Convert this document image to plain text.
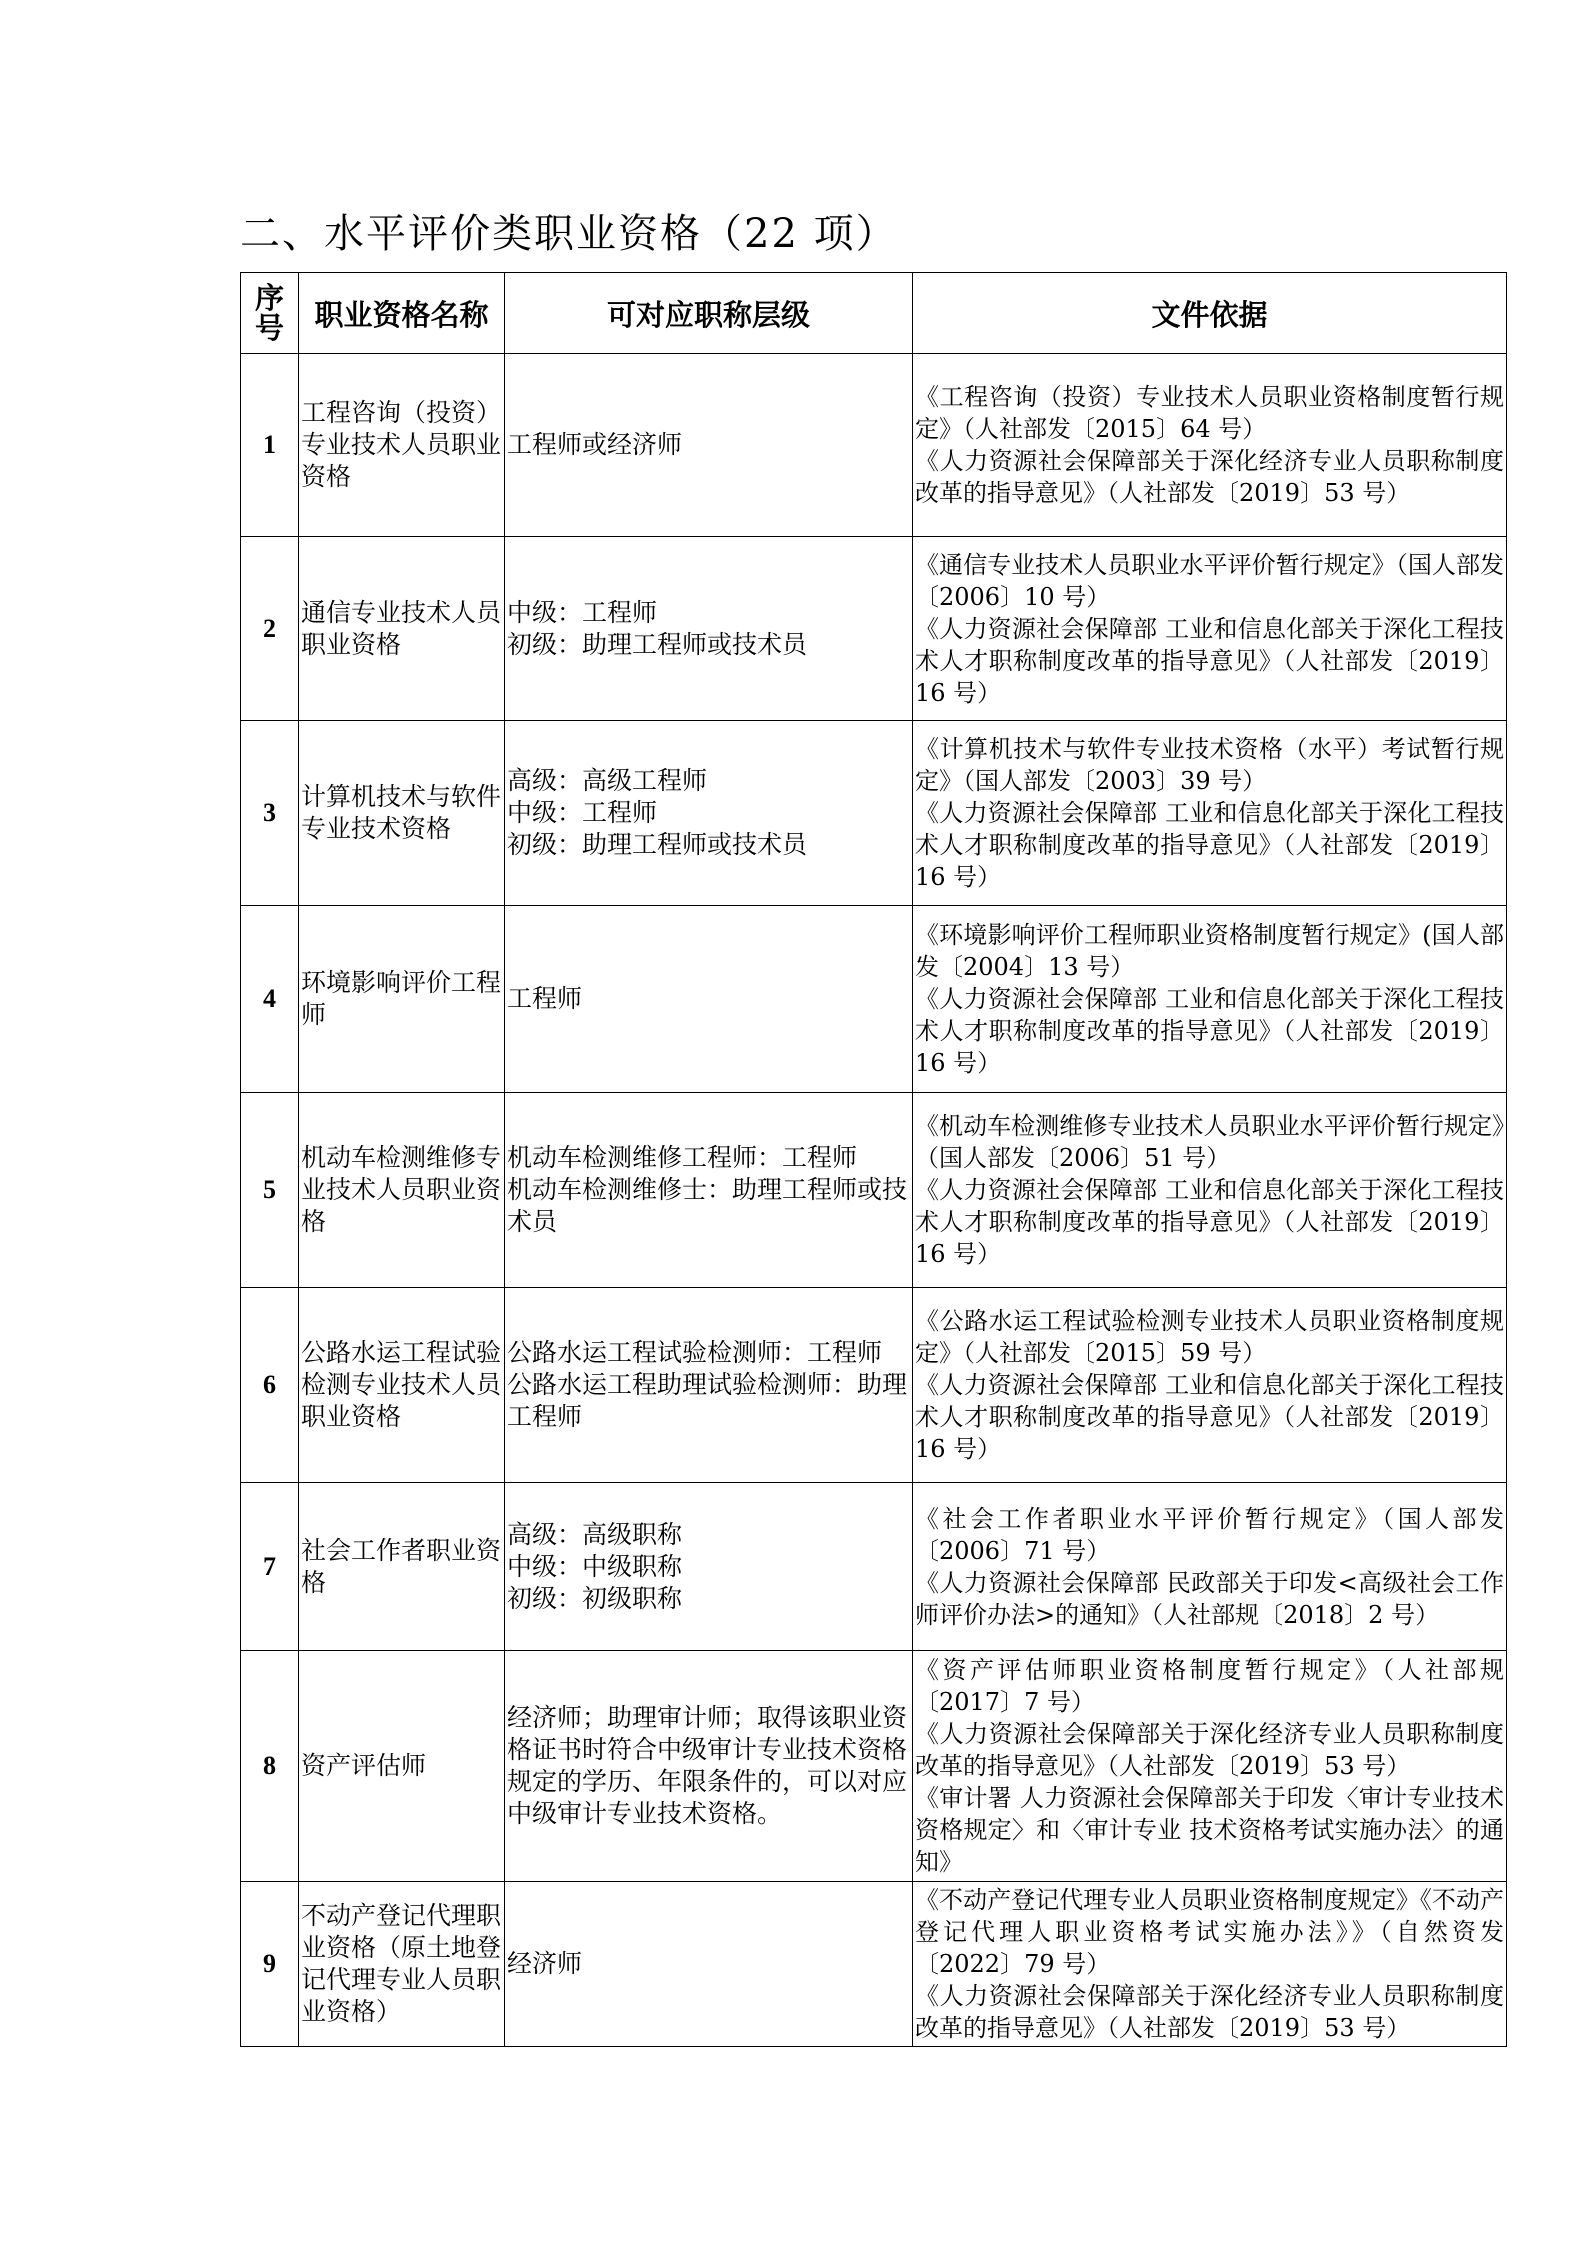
二、水平评价类职业资格（22 项）
序号	职业资格名称	可对应职称层级	文件依据
1	工程咨询（投资）专业技术人员职业资格	工程师或经济师	《工程咨询（投资）专业技术人员职业资格制度暂行规定》（人社部发〔2015〕64 号）
《人力资源社会保障部关于深化经济专业人员职称制度改革的指导意见》（人社部发〔2019〕53 号）

2	通信专业技术人员职业资格	中级：工程师
初级：助理工程师或技术员	《通信专业技术人员职业水平评价暂行规定》（国人部发〔2006〕10 号）
《人力资源社会保障部 工业和信息化部关于深化工程技术人才职称制度改革的指导意见》（人社部发〔2019〕16 号）

3	计算机技术与软件专业技术资格	高级：高级工程师
中级：工程师
初级：助理工程师或技术员	《计算机技术与软件专业技术资格（水平）考试暂行规定》（国人部发〔2003〕39 号）
《人力资源社会保障部 工业和信息化部关于深化工程技术人才职称制度改革的指导意见》（人社部发〔2019〕16 号）

4	环境影响评价工程师	工程师	《环境影响评价工程师职业资格制度暂行规定》(国人部发〔2004〕13 号）
《人力资源社会保障部 工业和信息化部关于深化工程技术人才职称制度改革的指导意见》（人社部发〔2019〕16 号）

5	机动车检测维修专业技术人员职业资格	机动车检测维修工程师：工程师
机动车检测维修士：助理工程师或技术员	《机动车检测维修专业技术人员职业水平评价暂行规定》（国人部发〔2006〕51 号）
《人力资源社会保障部 工业和信息化部关于深化工程技术人才职称制度改革的指导意见》（人社部发〔2019〕16 号）

6	公路水运工程试验检测专业技术人员职业资格	公路水运工程试验检测师：工程师
公路水运工程助理试验检测师：助理工程师	《公路水运工程试验检测专业技术人员职业资格制度规定》（人社部发〔2015〕59 号）
《人力资源社会保障部 工业和信息化部关于深化工程技术人才职称制度改革的指导意见》（人社部发〔2019〕16 号）

7	社会工作者职业资格	高级：高级职称
中级：中级职称
初级：初级职称	《社会工作者职业水平评价暂行规定》（国人部发〔2006〕71 号）
《人力资源社会保障部 民政部关于印发<高级社会工作师评价办法>的通知》（人社部规〔2018〕2 号）

8	资产评估师	经济师；助理审计师；取得该职业资格证书时符合中级审计专业技术资格规定的学历、年限条件的，可以对应中级审计专业技术资格。	《资产评估师职业资格制度暂行规定》（人社部规〔2017〕7 号）
《人力资源社会保障部关于深化经济专业人员职称制度改革的指导意见》（人社部发〔2019〕53 号）
《审计署 人力资源社会保障部关于印发〈审计专业技术资格规定〉和〈审计专业 技术资格考试实施办法〉的通知》

9	不动产登记代理职业资格（原土地登记代理专业人员职业资格）	经济师	《不动产登记代理专业人员职业资格制度规定》《不动产登记代理人职业资格考试实施办法》》（自然资发〔2022〕79 号）
《人力资源社会保障部关于深化经济专业人员职称制度改革的指导意见》（人社部发〔2019〕53 号）
